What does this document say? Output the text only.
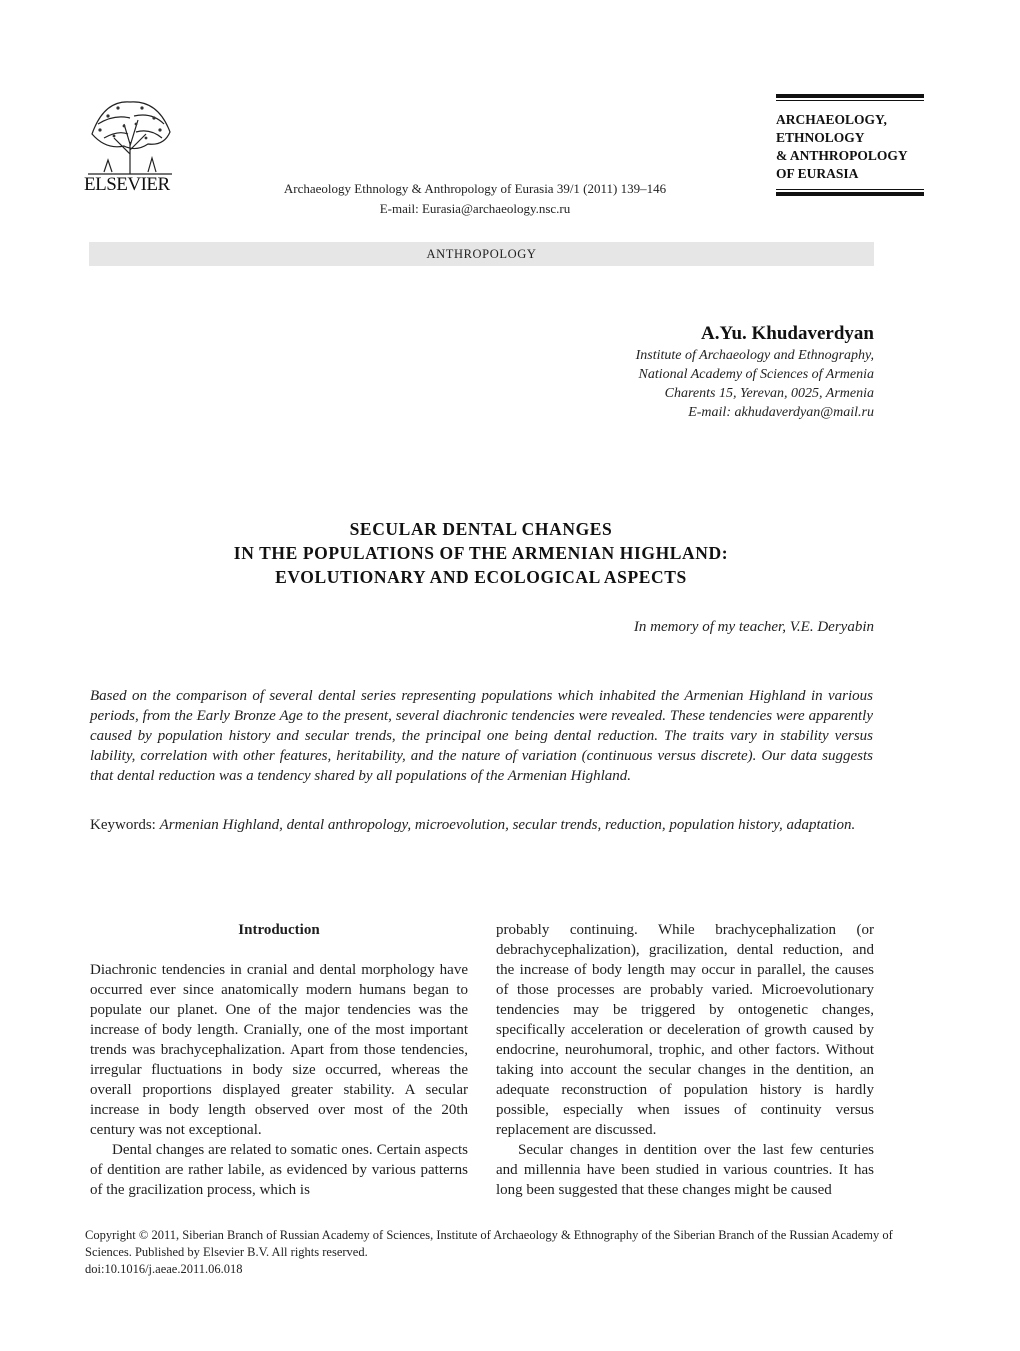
ELSEVIER	Archaeology Ethnology & Anthropology of Eurasia 39/1 (2011) 139–146
E-mail: Eurasia@archaeology.nsc.ru
ARCHAEOLOGY,
ETHNOLOGY
& ANTHROPOLOGY
OF EURASIA
ANTHROPOLOGY
A.Yu. Khudaverdyan
Institute of Archaeology and Ethnography,
National Academy of Sciences of Armenia
Charents 15, Yerevan, 0025, Armenia
E-mail: akhudaverdyan@mail.ru
SECULAR DENTAL CHANGES
IN THE POPULATIONS OF THE ARMENIAN HIGHLAND:
EVOLUTIONARY AND ECOLOGICAL ASPECTS
In memory of my teacher, V.E. Deryabin
Based on the comparison of several dental series representing populations which inhabited the Armenian Highland in various periods, from the Early Bronze Age to the present, several diachronic tendencies were revealed. These tendencies were apparently caused by population history and secular trends, the principal one being dental reduction. The traits vary in stability versus lability, correlation with other features, heritability, and the nature of variation (continuous versus discrete). Our data suggests that dental reduction was a tendency shared by all populations of the Armenian Highland.
Keywords: Armenian Highland, dental anthropology, microevolution, secular trends, reduction, population history, adaptation.
Introduction

Diachronic tendencies in cranial and dental morphology have occurred ever since anatomically modern humans began to populate our planet. One of the major tendencies was the increase of body length. Cranially, one of the most important trends was brachycephalization. Apart from those tendencies, irregular fluctuations in body size occurred, whereas the overall proportions displayed greater stability. A secular increase in body length observed over most of the 20th century was not exceptional.

Dental changes are related to somatic ones. Certain aspects of dentition are rather labile, as evidenced by various patterns of the gracilization process, which is

probably continuing. While brachycephalization (or debrachycephalization), gracilization, dental reduction, and the increase of body length may occur in parallel, the causes of those processes are probably varied. Microevolutionary tendencies may be triggered by ontogenetic changes, specifically acceleration or deceleration of growth caused by endocrine, neurohumoral, trophic, and other factors. Without taking into account the secular changes in the dentition, an adequate reconstruction of population history is hardly possible, especially when issues of continuity versus replacement are discussed.

Secular changes in dentition over the last few centuries and millennia have been studied in various countries. It has long been suggested that these changes might be caused

Copyright © 2011, Siberian Branch of Russian Academy of Sciences, Institute of Archaeology & Ethnography of the Siberian Branch of the Russian Academy of Sciences. Published by Elsevier B.V. All rights reserved.
doi:10.1016/j.aeae.2011.06.018
